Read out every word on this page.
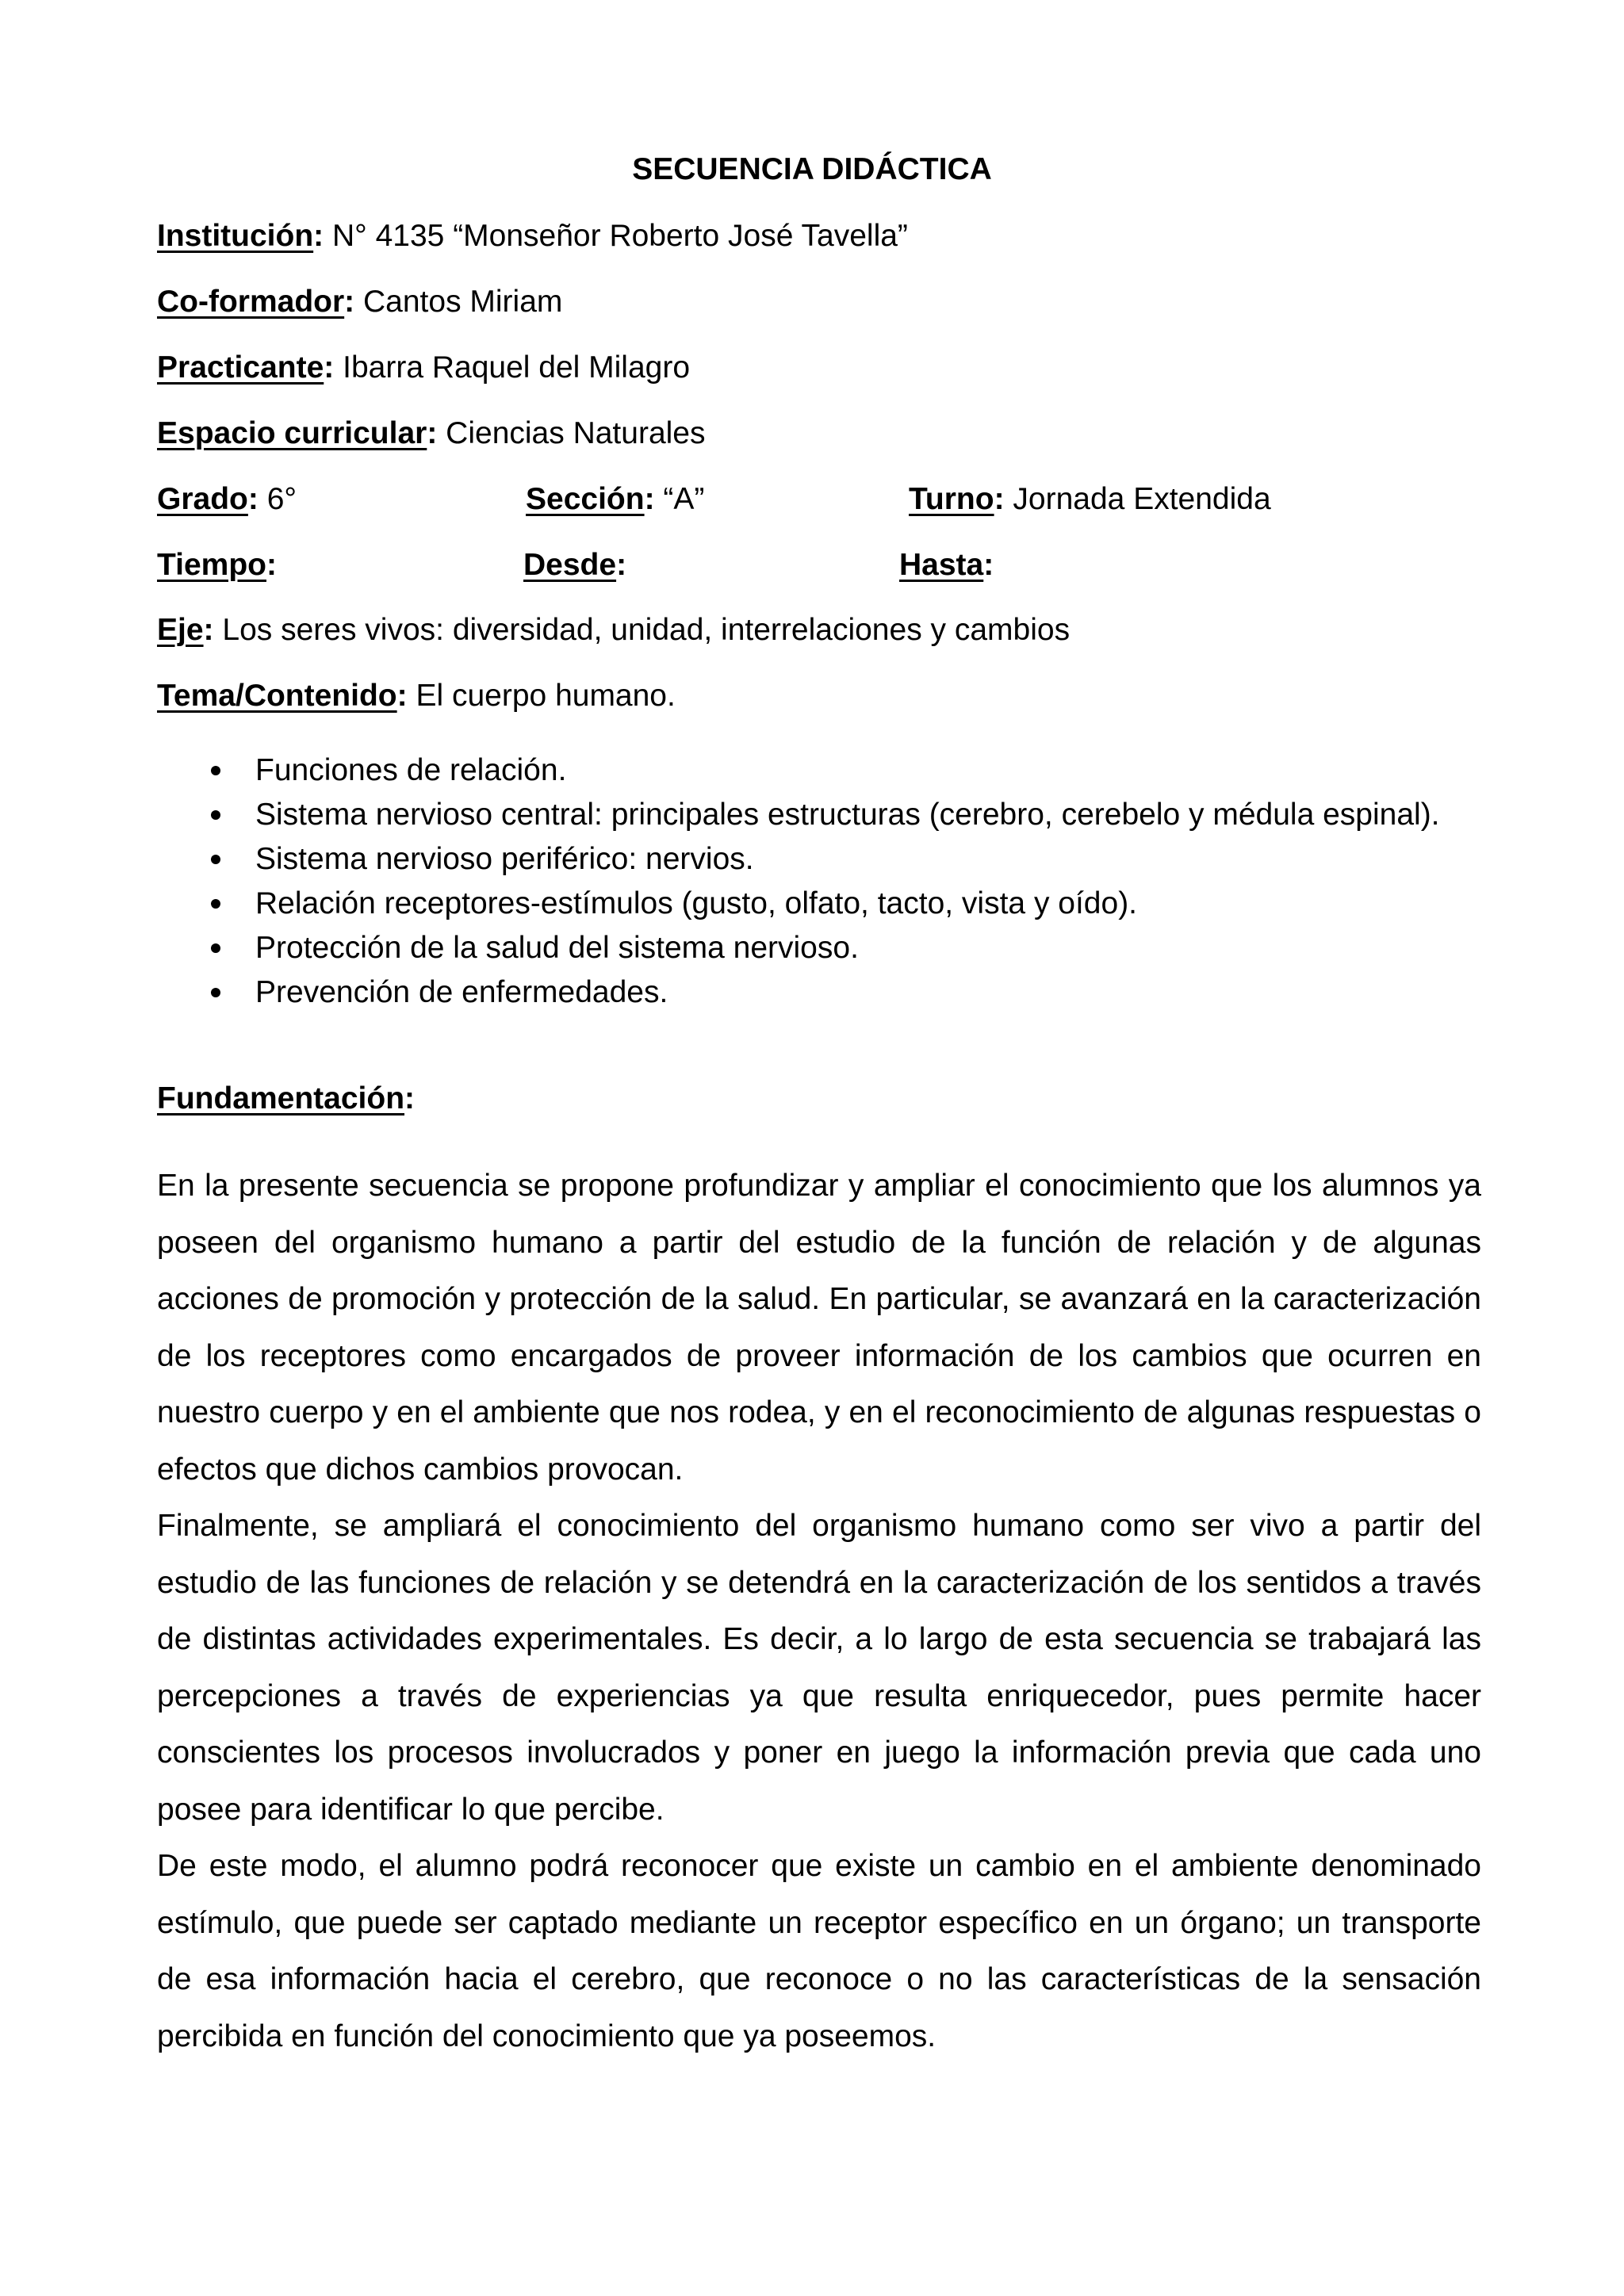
SECUENCIA DIDÁCTICA
Institución: N° 4135 “Monseñor Roberto José Tavella”
Co-formador: Cantos Miriam
Practicante: Ibarra Raquel del Milagro
Espacio curricular: Ciencias Naturales
Grado: 6°	Sección: “A”	Turno: Jornada Extendida
Tiempo:	Desde:	Hasta:
Eje: Los seres vivos: diversidad, unidad, interrelaciones y cambios
Tema/Contenido: El cuerpo humano.
Funciones de relación.
Sistema nervioso central: principales estructuras (cerebro, cerebelo y médula espinal).
Sistema nervioso periférico: nervios.
Relación receptores-estímulos (gusto, olfato, tacto, vista y oído).
Protección de la salud del sistema nervioso.
Prevención de enfermedades.
Fundamentación:

En la presente secuencia se propone profundizar y ampliar el conocimiento que los alumnos ya poseen del organismo humano a partir del estudio de la función de relación y de algunas acciones de promoción y protección de la salud. En particular, se avanzará en la caracterización de los receptores como encargados de proveer información de los cambios que ocurren en nuestro cuerpo y en el ambiente que nos rodea, y en el reconocimiento de algunas respuestas o efectos que dichos cambios provocan.

Finalmente, se ampliará el conocimiento del organismo humano como ser vivo a partir del estudio de las funciones de relación y se detendrá en la caracterización de los sentidos a través de distintas actividades experimentales. Es decir, a lo largo de esta secuencia se trabajará las percepciones a través de experiencias ya que resulta enriquecedor, pues permite hacer conscientes los procesos involucrados y poner en juego la información previa que cada uno posee para identificar lo que percibe.

De este modo, el alumno podrá reconocer que existe un cambio en el ambiente denominado estímulo, que puede ser captado mediante un receptor específico en un órgano; un transporte de esa información hacia el cerebro, que reconoce o no las características de la sensación percibida en función del conocimiento que ya poseemos.
